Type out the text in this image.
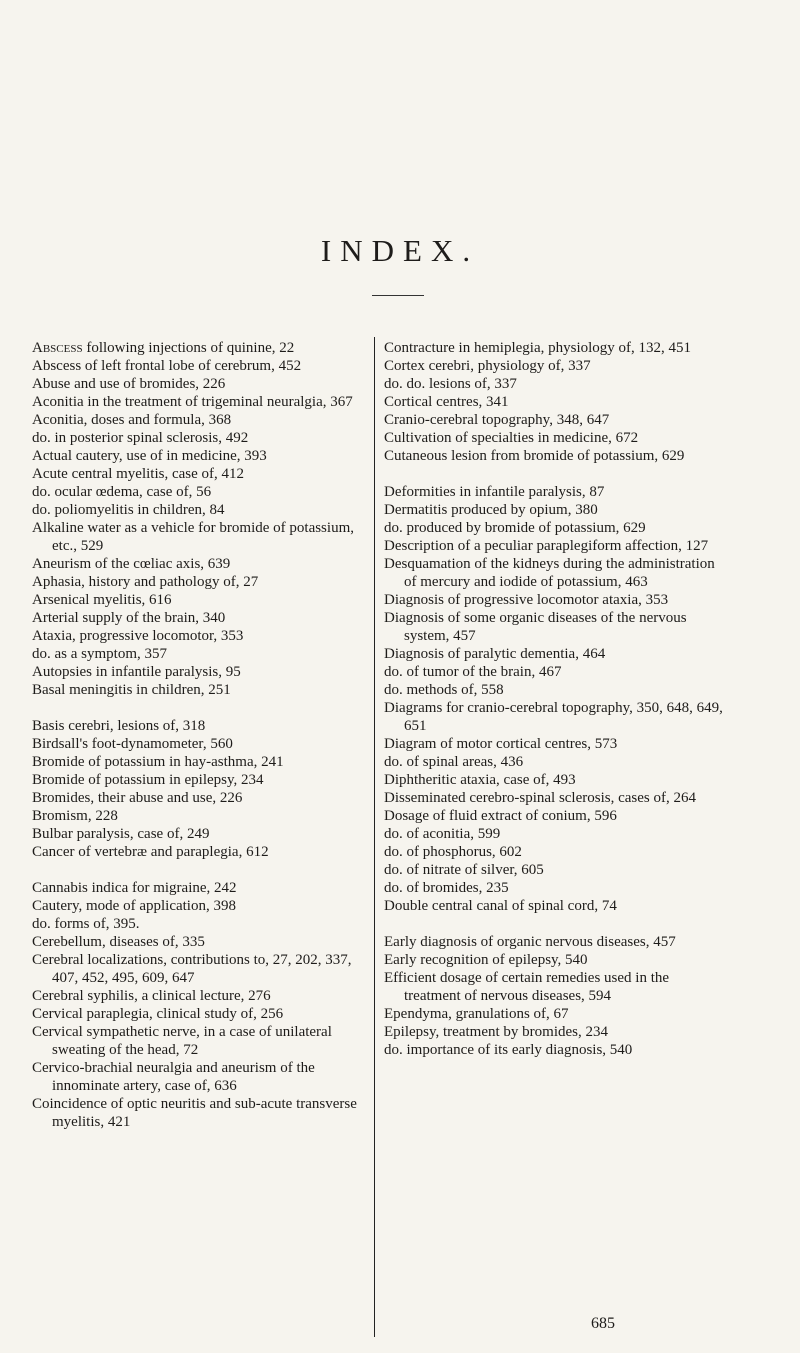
INDEX.

Abscess following injections of quinine, 22

Abscess of left frontal lobe of cerebrum, 452

Abuse and use of bromides, 226

Aconitia in the treatment of trigeminal neuralgia, 367

Aconitia, doses and formula, 368

do. in posterior spinal sclerosis, 492

Actual cautery, use of in medicine, 393

Acute central myelitis, case of, 412

do. ocular œdema, case of, 56

do. poliomyelitis in children, 84

Alkaline water as a vehicle for bromide of potassium, etc., 529

Aneurism of the cœliac axis, 639

Aphasia, history and pathology of, 27

Arsenical myelitis, 616

Arterial supply of the brain, 340

Ataxia, progressive locomotor, 353

do. as a symptom, 357

Autopsies in infantile paralysis, 95

Basal meningitis in children, 251

Basis cerebri, lesions of, 318

Birdsall's foot-dynamometer, 560

Bromide of potassium in hay-asthma, 241

Bromide of potassium in epilepsy, 234

Bromides, their abuse and use, 226

Bromism, 228

Bulbar paralysis, case of, 249

Cancer of vertebræ and paraplegia, 612

Cannabis indica for migraine, 242

Cautery, mode of application, 398

do. forms of, 395.

Cerebellum, diseases of, 335

Cerebral localizations, contributions to, 27, 202, 337, 407, 452, 495, 609, 647

Cerebral syphilis, a clinical lecture, 276

Cervical paraplegia, clinical study of, 256

Cervical sympathetic nerve, in a case of unilateral sweating of the head, 72

Cervico-brachial neuralgia and aneurism of the innominate artery, case of, 636

Coincidence of optic neuritis and sub-acute transverse myelitis, 421

Contracture in hemiplegia, physiology of, 132, 451

Cortex cerebri, physiology of, 337

do. do. lesions of, 337

Cortical centres, 341

Cranio-cerebral topography, 348, 647

Cultivation of specialties in medicine, 672

Cutaneous lesion from bromide of potassium, 629

Deformities in infantile paralysis, 87

Dermatitis produced by opium, 380

do. produced by bromide of potassium, 629

Description of a peculiar paraplegiform affection, 127

Desquamation of the kidneys during the administration of mercury and iodide of potassium, 463

Diagnosis of progressive locomotor ataxia, 353

Diagnosis of some organic diseases of the nervous system, 457

Diagnosis of paralytic dementia, 464

do. of tumor of the brain, 467

do. methods of, 558

Diagrams for cranio-cerebral topography, 350, 648, 649, 651

Diagram of motor cortical centres, 573

do. of spinal areas, 436

Diphtheritic ataxia, case of, 493

Disseminated cerebro-spinal sclerosis, cases of, 264

Dosage of fluid extract of conium, 596

do. of aconitia, 599

do. of phosphorus, 602

do. of nitrate of silver, 605

do. of bromides, 235

Double central canal of spinal cord, 74

Early diagnosis of organic nervous diseases, 457

Early recognition of epilepsy, 540

Efficient dosage of certain remedies used in the treatment of nervous diseases, 594

Ependyma, granulations of, 67

Epilepsy, treatment by bromides, 234

do. importance of its early diagnosis, 540

685
